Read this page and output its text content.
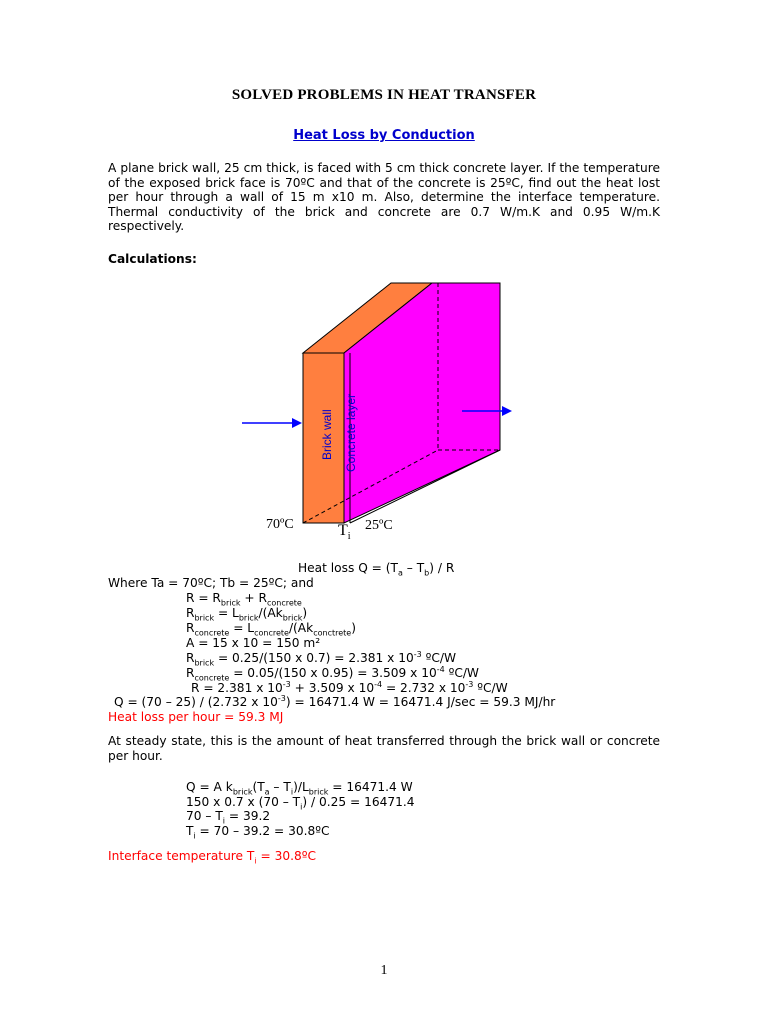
SOLVED PROBLEMS IN HEAT TRANSFER
Heat Loss by Conduction
A plane brick wall, 25 cm thick, is faced with 5 cm thick concrete layer. If the temperature of the exposed brick face is 70ºC and that of the concrete is 25ºC, find out the heat lost per hour through a wall of 15 m x10 m. Also, determine the interface temperature. Thermal conductivity of the brick and concrete are 0.7 W/m.K and 0.95 W/m.K respectively.
Calculations:
Brick wall Concrete layer
70ºC	$T_i$
25ºC
Heat loss $Q = (T_a - T_b) / R$
Where Ta = 70ºC; Tb = 25ºC; and
$R = R_{brick} + R_{concrete}$
$R_{brick} = L_{brick}/(Ak_{brick})$
$R_{concrete} = L_{concrete}/(Ak_{conctrete})$
A = 15 x 10 = 150 m²
$R_{brick} = 0.25/(150$ x 0.7) = 2.381 x $10^{-3}$ ºC/W
$R_{concrete} = 0.05/(150$ x 0.95) = 3.509 x $10^{-4}$ ºC/W
R = 2.381 x $10^{-3} + 3.509$ x $10^{-4} = 2.732$ x $10^{-3}$ ºC/W
Q = (70 – 25) / (2.732 x $10^{-3}) = 16471.4$ W = 16471.4 J/sec = 59.3 MJ/hr
Heat loss per hour = 59.3 MJ
At steady state, this is the amount of heat transferred through the brick wall or concrete per hour.
Q = A $k_{brick}(T_a - T_i)/L_{brick} = 16471.4$ W
150 x 0.7 x $(70 - T_i) / 0.25 = 16471.4$
$70 - T_i = 39.2$
$T_i = 70 - 39.2$ = 30.8ºC
Interface temperature $T_i$ = 30.8ºC
1
